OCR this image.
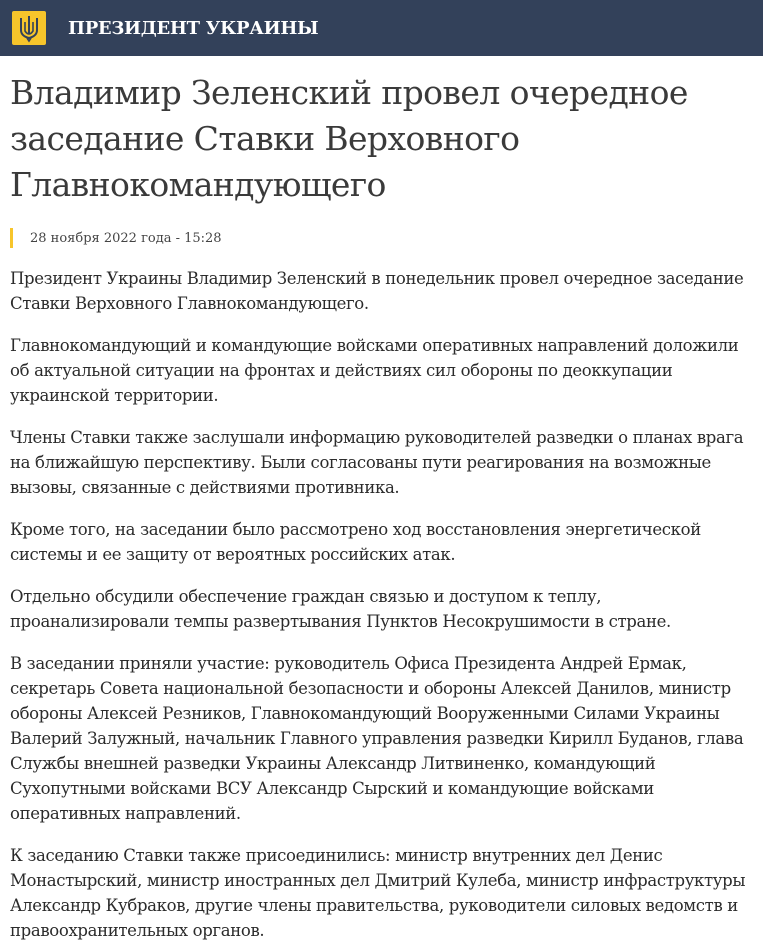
ПРЕЗИДЕНТ УКРАИНЫ
Владимир Зеленский провел очередное заседание Ставки Верховного Главнокомандующего
28 ноября 2022 года - 15:28

Президент Украины Владимир Зеленский в понедельник провел очередное заседание Ставки Верховного Главнокомандующего.

Главнокомандующий и командующие войсками оперативных направлений доложили об актуальной ситуации на фронтах и действиях сил обороны по деоккупации украинской территории.

Члены Ставки также заслушали информацию руководителей разведки о планах врага на ближайшую перспективу. Были согласованы пути реагирования на возможные вызовы, связанные с действиями противника.

Кроме того, на заседании было рассмотрено ход восстановления энергетической системы и ее защиту от вероятных российских атак.

Отдельно обсудили обеспечение граждан связью и доступом к теплу, проанализировали темпы развертывания Пунктов Несокрушимости в стране.

В заседании приняли участие: руководитель Офиса Президента Андрей Ермак, секретарь Совета национальной безопасности и обороны Алексей Данилов, министр обороны Алексей Резников, Главнокомандующий Вооруженными Силами Украины Валерий Залужный, начальник Главного управления разведки Кирилл Буданов, глава Службы внешней разведки Украины Александр Литвиненко, командующий Сухопутными войсками ВСУ Александр Сырский и командующие войсками оперативных направлений.

К заседанию Ставки также присоединились: министр внутренних дел Денис Монастырский, министр иностранных дел Дмитрий Кулеба, министр инфраструктуры Александр Кубраков, другие члены правительства, руководители силовых ведомств и правоохранительных органов.
